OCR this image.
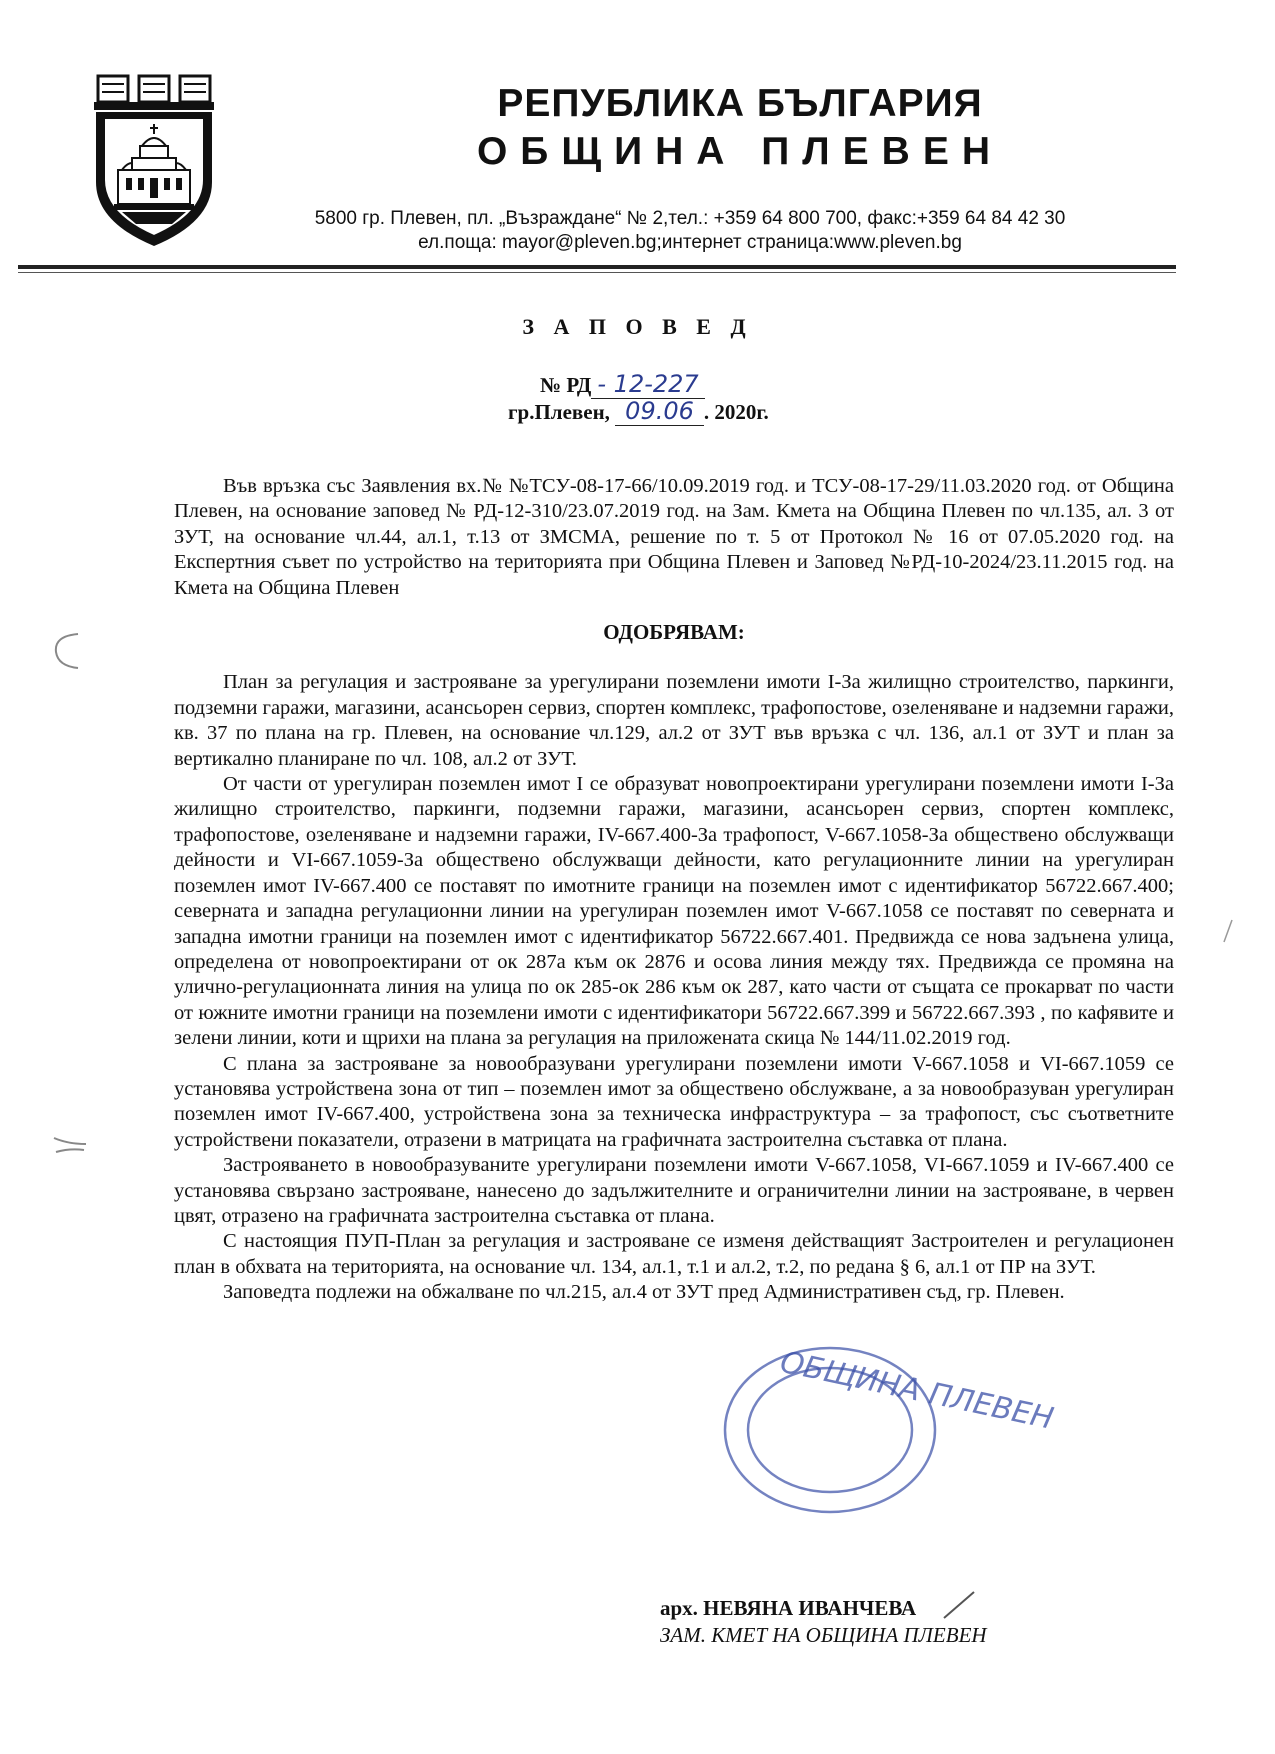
РЕПУБЛИКА БЪЛГАРИЯ
ОБЩИНА ПЛЕВЕН
5800 гр. Плевен, пл. „Възраждане“ № 2,тел.: +359 64 800 700, факс:+359 64 84 42 30
ел.поща: mayor@pleven.bg;интернет страница:www.pleven.bg
З А П О В Е Д
№ РД - 12-227
гр.Плевен, 09.06 . 2020г.

Във връзка със Заявления вх.№ №ТСУ-08-17-66/10.09.2019 год. и ТСУ-08-17-29/11.03.2020 год. от Община Плевен, на основание заповед № РД-12-310/23.07.2019 год. на Зам. Кмета на Община Плевен по чл.135, ал. 3 от ЗУТ, на основание чл.44, ал.1, т.13 от ЗМСМА, решение по т. 5 от Протокол № 16 от 07.05.2020 год. на Експертния съвет по устройство на територията при Община Плевен и Заповед №РД-10-2024/23.11.2015 год. на Кмета на Община Плевен

ОДОБРЯВАМ:

План за регулация и застрояване за урегулирани поземлени имоти I-За жилищно строителство, паркинги, подземни гаражи, магазини, асансьорен сервиз, спортен комплекс, трафопостове, озеленяване и надземни гаражи, кв. 37 по плана на гр. Плевен, на основание чл.129, ал.2 от ЗУТ във връзка с чл. 136, ал.1 от ЗУТ и план за вертикално планиране по чл. 108, ал.2 от ЗУТ.

От части от урегулиран поземлен имот I се образуват новопроектирани урегулирани поземлени имоти I-За жилищно строителство, паркинги, подземни гаражи, магазини, асансьорен сервиз, спортен комплекс, трафопостове, озеленяване и надземни гаражи, IV-667.400-За трафопост, V-667.1058-За обществено обслужващи дейности и VI-667.1059-За обществено обслужващи дейности, като регулационните линии на урегулиран поземлен имот IV-667.400 се поставят по имотните граници на поземлен имот с идентификатор 56722.667.400; северната и западна регулационни линии на урегулиран поземлен имот V-667.1058 се поставят по северната и западна имотни граници на поземлен имот с идентификатор 56722.667.401. Предвижда се нова задънена улица, определена от новопроектирани от ок 287а към ок 2876 и осова линия между тях. Предвижда се промяна на улично-регулационната линия на улица по ок 285-ок 286 към ок 287, като части от същата се прокарват по части от южните имотни граници на поземлени имоти с идентификатори 56722.667.399 и 56722.667.393 , по кафявите и зелени линии, коти и щрихи на плана за регулация на приложената скица № 144/11.02.2019 год.

С плана за застрояване за новообразувани урегулирани поземлени имоти V-667.1058 и VI-667.1059 се установява устройствена зона от тип – поземлен имот за обществено обслужване, а за новообразуван урегулиран поземлен имот IV-667.400, устройствена зона за техническа инфраструктура – за трафопост, със съответните устройствени показатели, отразени в матрицата на графичната застроителна съставка от плана.

Застрояването в новообразуваните урегулирани поземлени имоти V-667.1058, VI-667.1059 и IV-667.400 се установява свързано застрояване, нанесено до задължителните и ограничителни линии на застрояване, в червен цвят, отразено на графичната застроителна съставка от плана.

С настоящия ПУП-План за регулация и застрояване се изменя действащият Застроителен и регулационен план в обхвата на територията, на основание чл. 134, ал.1, т.1 и ал.2, т.2, по редана § 6, ал.1 от ПР на ЗУТ.

Заповедта подлежи на обжалване по чл.215, ал.4 от ЗУТ пред Административен съд, гр. Плевен.

ОБЩИНА ПЛЕВЕН
арх. НЕВЯНА ИВАНЧЕВА
ЗАМ. КМЕТ НА ОБЩИНА ПЛЕВЕН
